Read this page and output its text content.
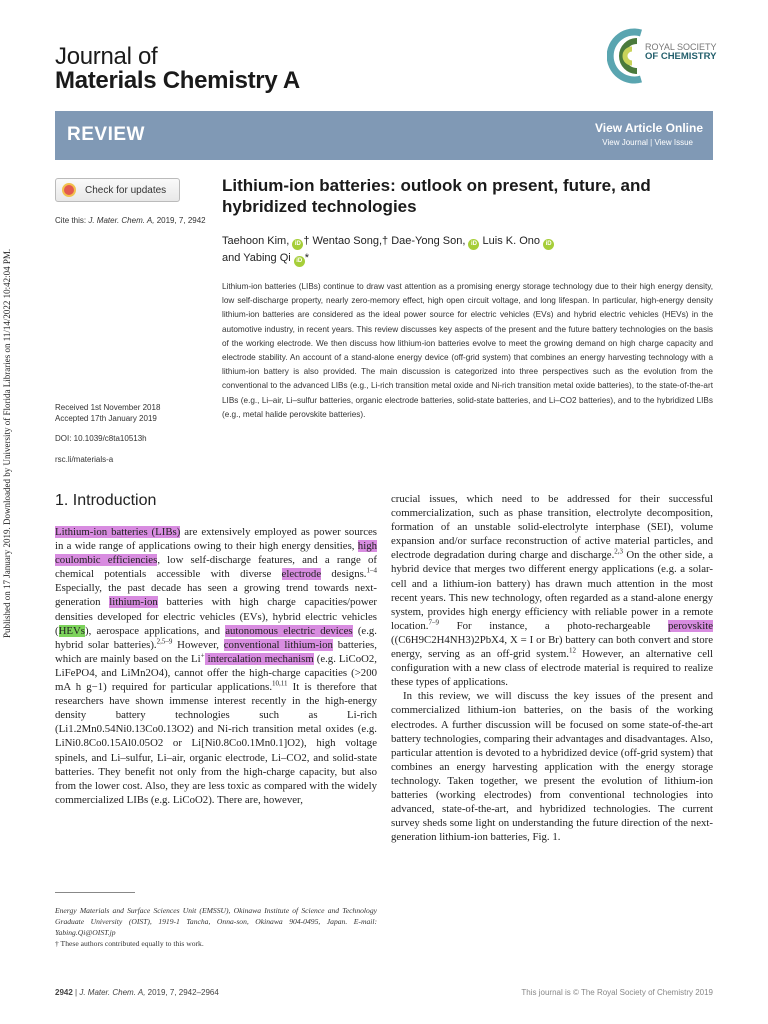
Journal of
Materials Chemistry A
ROYAL SOCIETY
OF CHEMISTRY
REVIEW	View Article Online
View Journal | View Issue
Published on 17 January 2019. Downloaded by University of Florida Libraries on 11/14/2022 10:42:04 PM.
Check for updates
Cite this: J. Mater. Chem. A, 2019, 7, 2942
Lithium-ion batteries: outlook on present, future, and hybridized technologies
Taehoon Kim, iD † Wentao Song,† Dae-Yong Son, iD Luis K. Ono iD
and Yabing Qi iD *
Lithium-ion batteries (LIBs) continue to draw vast attention as a promising energy storage technology due to their high energy density, low self-discharge property, nearly zero-memory effect, high open circuit voltage, and long lifespan. In particular, high-energy density lithium-ion batteries are considered as the ideal power source for electric vehicles (EVs) and hybrid electric vehicles (HEVs) in the automotive industry, in recent years. This review discusses key aspects of the present and the future battery technologies on the basis of the working electrode. We then discuss how lithium-ion batteries evolve to meet the growing demand on high charge capacity and electrode stability. An account of a stand-alone energy device (off-grid system) that combines an energy harvesting technology with a lithium-ion battery is also provided. The main discussion is categorized into three perspectives such as the evolution from the conventional to the advanced LIBs (e.g., Li-rich transition metal oxide and Ni-rich transition metal oxide batteries), to the state-of-the-art LIBs (e.g., Li–air, Li–sulfur batteries, organic electrode batteries, solid-state batteries, and Li–CO2 batteries), and to the hybridized LIBs (e.g., metal halide perovskite batteries).
Received 1st November 2018
Accepted 17th January 2019
DOI: 10.1039/c8ta10513h
rsc.li/materials-a
1. Introduction

Lithium-ion batteries (LIBs) are extensively employed as power sources in a wide range of applications owing to their high energy densities, high coulombic efficiencies, low self-discharge features, and a range of chemical potentials accessible with diverse electrode designs.$^{1-4}$ Especially, the past decade has seen a growing trend towards next-generation lithium-ion batteries with high charge capacities/power densities developed for electric vehicles (EVs), hybrid electric vehicles (HEVs), aerospace applications, and autonomous electric devices (e.g. hybrid solar batteries).$^{2,5-9}$ However, conventional lithium-ion batteries, which are mainly based on the Li+ intercalation mechanism (e.g. LiCoO2, LiFePO4, and LiMn2O4), cannot offer the high-charge capacities (>200 mA h g−1) required for particular applications.$^{10,11}$ It is therefore that researchers have shown immense interest recently in the high-energy density battery technologies such as Li-rich (Li1.2Mn0.54Ni0.13Co0.13O2) and Ni-rich transition metal oxides (e.g. LiNi0.8Co0.15Al0.05O2 or Li[Ni0.8Co0.1Mn0.1]O2), high voltage spinels, and Li–sulfur, Li–air, organic electrode, Li–CO2, and solid-state batteries. They benefit not only from the high-charge capacity, but also from the lower cost. Also, they are less toxic as compared with the widely commercialized LIBs (e.g. LiCoO2). There are, however,

crucial issues, which need to be addressed for their successful commercialization, such as phase transition, electrolyte decomposition, formation of an unstable solid-electrolyte interphase (SEI), volume expansion and/or surface reconstruction of active material particles, and electrode degradation during charge and discharge.$^{2,3}$ On the other side, a hybrid device that merges two different energy applications (e.g. a solar-cell and a lithium-ion battery) has drawn much attention in the most recent years. This new technology, often regarded as a stand-alone energy system, provides high energy efficiency with reliable power in a remote location.$^{7-9}$ For instance, a photo-rechargeable perovskite ((C6H9C2H4NH3)2PbX4, X = I or Br) battery can both convert and store energy, serving as an off-grid system.$^{12}$ However, an alternative cell configuration with a new class of electrode material is required to realize these types of applications.

In this review, we will discuss the key issues of the present and commercialized lithium-ion batteries, on the basis of the working electrodes. A further discussion will be focused on some state-of-the-art battery technologies, comparing their advantages and disadvantages. Also, particular attention is devoted to a hybridized device (off-grid system) that combines an energy harvesting application with the energy storage technology. Taken together, we present the evolution of lithium-ion batteries (working electrodes) from conventional technologies into advanced, state-of-the-art, and hybridized technologies. The current survey sheds some light on understanding the future direction of the next-generation lithium-ion batteries, Fig. 1.

Energy Materials and Surface Sciences Unit (EMSSU), Okinawa Institute of Science and Technology Graduate University (OIST), 1919-1 Tancha, Onna-son, Okinawa 904-0495, Japan. E-mail: Yabing.Qi@OIST.jp
† These authors contributed equally to this work.
2942 | J. Mater. Chem. A, 2019, 7, 2942–2964	This journal is © The Royal Society of Chemistry 2019
